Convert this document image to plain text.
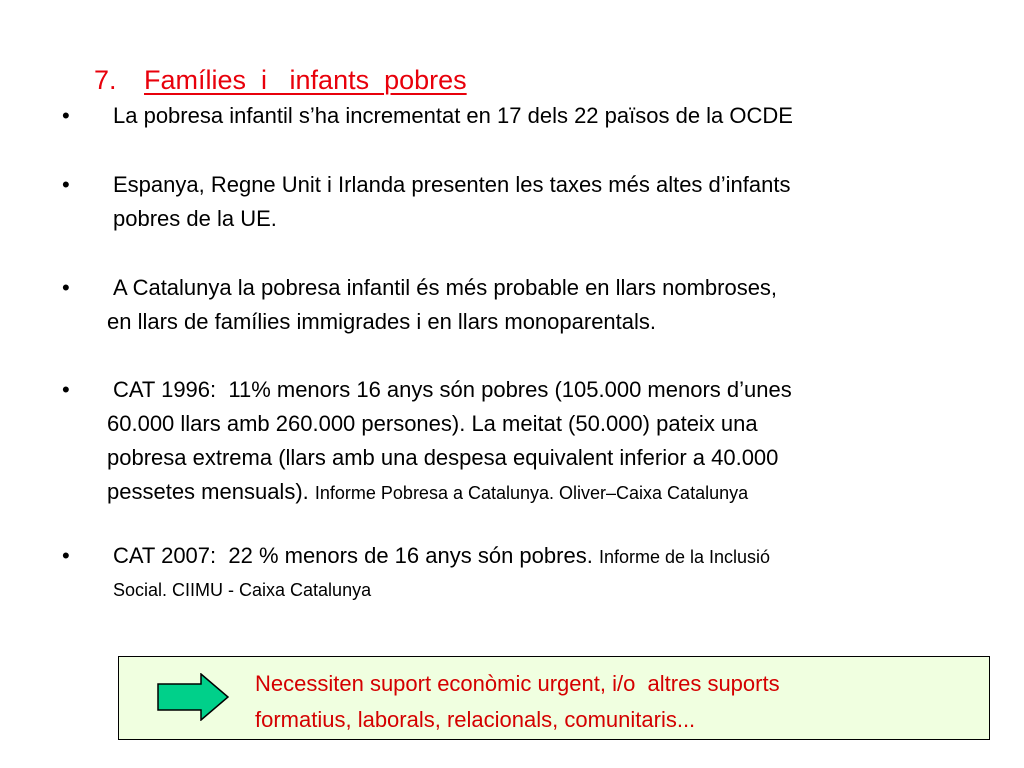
7. Famílies  i   infants  pobres

• La pobresa infantil s’ha incrementat en 17 dels 22 països de la OCDE
• Espanya, Regne Unit i Irlanda presenten les taxes més altes d’infants
pobres de la UE.
• A Catalunya la pobresa infantil és més probable en llars nombroses,
en llars de famílies immigrades i en llars monoparentals.
• CAT 1996:  11% menors 16 anys són pobres (105.000 menors d’unes
60.000 llars amb 260.000 persones). La meitat (50.000) pateix una
pobresa extrema (llars amb una despesa equivalent inferior a 40.000
pessetes mensuals). Informe Pobresa a Catalunya. Oliver–Caixa Catalunya
• CAT 2007:  22 % menors de 16 anys són pobres. Informe de la Inclusió
Social. CIIMU - Caixa Catalunya
Necessiten suport econòmic urgent, i/o  altres suports
formatius, laborals, relacionals, comunitaris...
